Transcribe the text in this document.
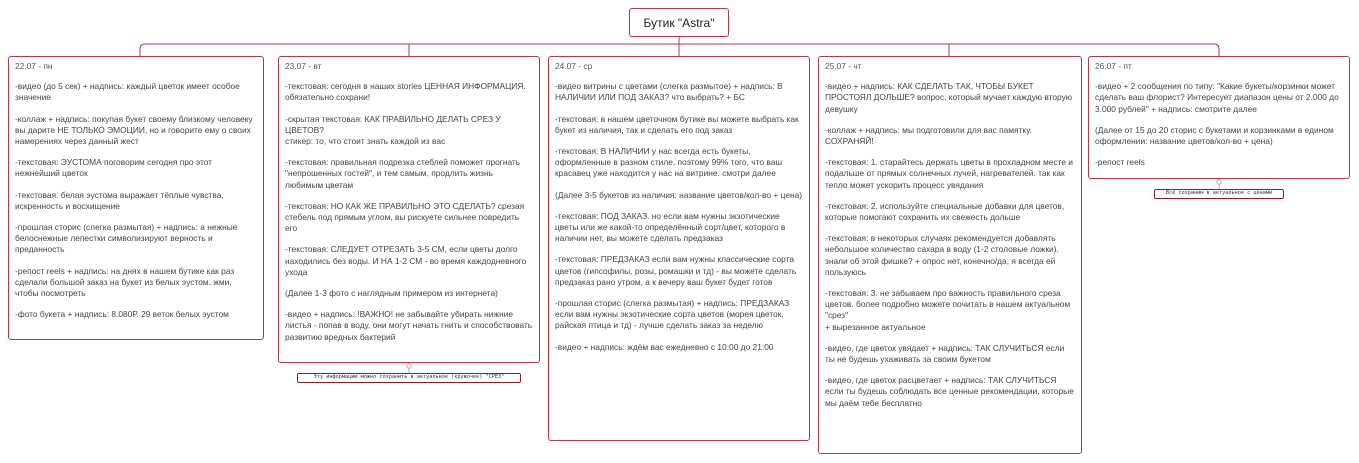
Бутик "Astra"
22.07 - пн
-видео (до 5 сек) + надпись: каждый цветок имеет особое значение
-коллаж + надпись: покупая букет своему близкому человеку вы дарите НЕ ТОЛЬКО ЭМОЦИИ, но и говорите ему о своих намерениях через данный жест
-текстовая: ЭУСТОМА поговорим сегодня про этот нежнейший цветок
-текстовая: белая эустома выражает тёплые чувства, искренность и восхищение
-прошлая сторис (слегка размытая) + надпись: а нежные белоснежные лепестки символизируют верность и преданность
-репост reels + надпись: на днях в нашем бутике как раз сделали большой заказ на букет из белых эустом. жми, чтобы посмотреть
-фото букета + надпись: 8.080Р. 29 веток белых эустом
23.07 - вт
-текстовая: сегодня в наших stories ЦЕННАЯ ИНФОРМАЦИЯ. обязательно сохрани!
-скрытая текстовая: КАК ПРАВИЛЬНО ДЕЛАТЬ СРЕЗ У ЦВЕТОВ?
стикер: то, что стоит знать каждой из вас
-текстовая: правильная подрезка стеблей поможет прогнать "непрошенных гостей", и тем самым, продлить жизнь любимым цветам
-текстовая: НО КАК ЖЕ ПРАВИЛЬНО ЭТО СДЕЛАТЬ? срезая стебель под прямым углом, вы рискуете сильнее повредить его
-текстовая: СЛЕДУЕТ ОТРЕЗАТЬ 3-5 СМ, если цветы долго находились без воды. И НА 1-2 СМ - во время каждодневного ухода
(Далее 1-3 фото с наглядным примером из интернета)
-видео + надпись: !ВАЖНО! не забывайте убирать нижние листья - попав в воду, они могут начать гнить и способствовать развитию вредных бактерий
Эту информацию можно сохранить в актуальное (кружочек) "СРЕЗ"
24.07 - ср
-видео витрины с цветами (слегка размытое) + надпись: В НАЛИЧИИ ИЛИ ПОД ЗАКАЗ? что выбрать? + БС
-текстовая: в нашем цветочном бутике вы можете выбрать как букет из наличия, так и сделать его под заказ
-текстовая: В НАЛИЧИИ у нас всегда есть букеты, оформленные в разном стиле, поэтому 99% того, что ваш красавец уже находится у нас на витрине. смотри далее
(Далее 3-5 букетов из наличия: название цветов/кол-во + цена)
-текстовая: ПОД ЗАКАЗ. но если вам нужны экзотические цветы или же какой-то определённый сорт/цвет, которого в наличии нет, вы можете сделать предзаказ
-текстовая: ПРЕДЗАКАЗ если вам нужны классические сорта цветов (гипсофилы, розы, ромашки и тд) - вы можете сделать предзаказ рано утром, а к вечеру ваш букет будет готов
-прошлая сторис (слегка размытая) + надпись: ПРЕДЗАКАЗ если вам нужны экзотические сорта цветов (морея цветок, райская птица и тд) - лучше сделать заказ за неделю
-видео + надпись: ждём вас ежедневно с 10:00 до 21:00
25.07 - чт
-видео + надпись: КАК СДЕЛАТЬ ТАК, ЧТОБЫ БУКЕТ ПРОСТОЯЛ ДОЛЬШЕ? вопрос, который мучает каждую вторую девушку
-коллаж + надпись: мы подготовили для вас памятку. СОХРАНЯЙ!
-текстовая: 1. старайтесь держать цветы в прохладном месте и подальше от прямых солнечных лучей, нагревателей. так как тепло может ускорить процесс увядания
-текстовая: 2. используйте специальные добавки для цветов, которые помогают сохранить их свежесть дольше
-текстовая: в некоторых случаях рекомендуется добавлять небольшое количество сахара в воду (1-2 столовые ложки). знали об этой фишке? + опрос нет, конечно/да, я всегда ей пользуюсь
-текстовая: 3. не забываем про важность правильного среза цветов. более подробно можете почитать в нашем актуальном "срез"
+ вырезанное актуальное
-видео, где цветок увядает + надпись: ТАК СЛУЧИТЬСЯ если ты не будешь ухаживать за своим букетом
-видео, где цветок расцветает + надпись: ТАК СЛУЧИТЬСЯ если ты будешь соблюдать все ценные рекомендации, которые мы даём тебе бесплатно
26.07 - пт
-видео + 2 сообщения по типу: "Какие букеты/корзинки может сделать ваш флорист? Интересует диапазон цены от 2.000 до 3.000 рублей" + надпись: смотрите далее
(Далее от 15 до 20 сторис с букетами и корзинками в едином оформлении: название цветов/кол-во + цена)
-репост reels
Всё сохраним в актуальное с ценами
